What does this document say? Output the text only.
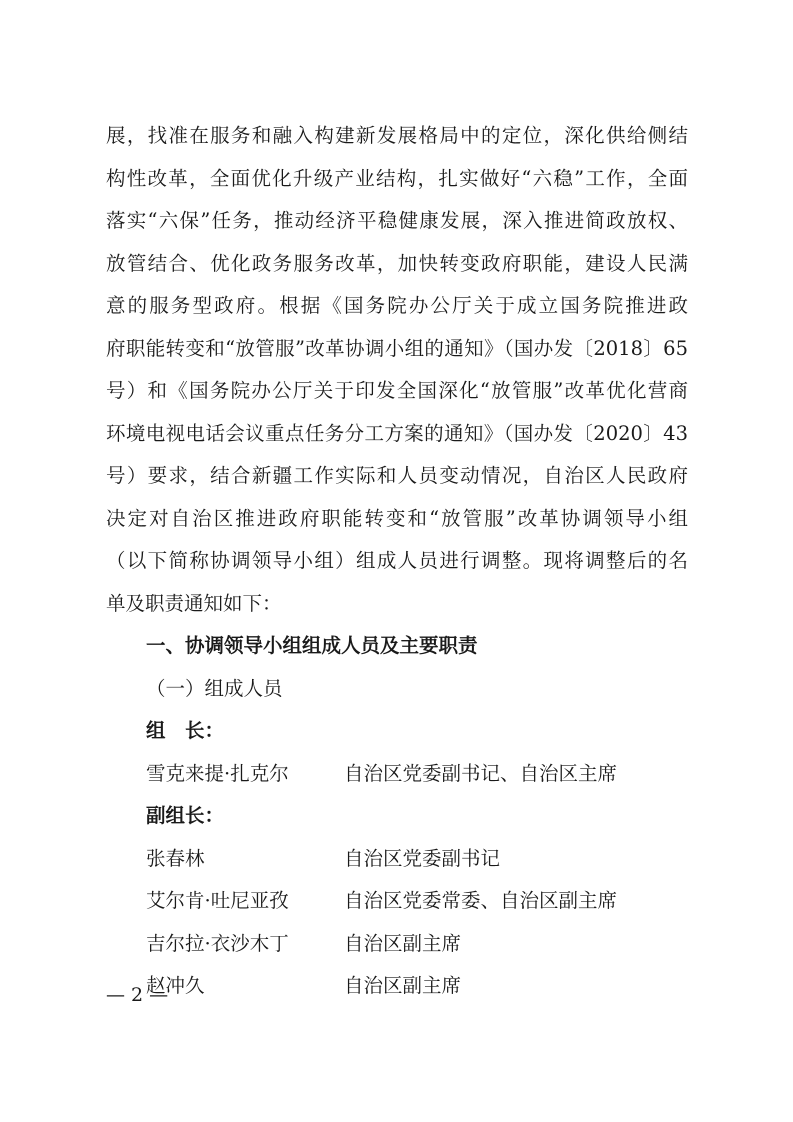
展，找准在服务和融入构建新发展格局中的定位，深化供给侧结
构性改革，全面优化升级产业结构，扎实做好“六稳”工作，全面
落实“六保”任务，推动经济平稳健康发展，深入推进简政放权、
放管结合、优化政务服务改革，加快转变政府职能，建设人民满
意的服务型政府。根据《国务院办公厅关于成立国务院推进政
府职能转变和“放管服”改革协调小组的通知》（国办发〔2018〕65
号）和《国务院办公厅关于印发全国深化“放管服”改革优化营商
环境电视电话会议重点任务分工方案的通知》（国办发〔2020〕43
号）要求，结合新疆工作实际和人员变动情况，自治区人民政府
决定对自治区推进政府职能转变和“放管服”改革协调领导小组
（以下简称协调领导小组）组成人员进行调整。现将调整后的名
单及职责通知如下：
一、协调领导小组组成人员及主要职责
（一）组成人员
组　长：
雪克来提·扎克尔	自治区党委副书记、自治区主席
副组长：
张春林	自治区党委副书记
艾尔肯·吐尼亚孜	自治区党委常委、自治区副主席
吉尔拉·衣沙木丁	自治区副主席
赵冲久	自治区副主席
— 2 —
